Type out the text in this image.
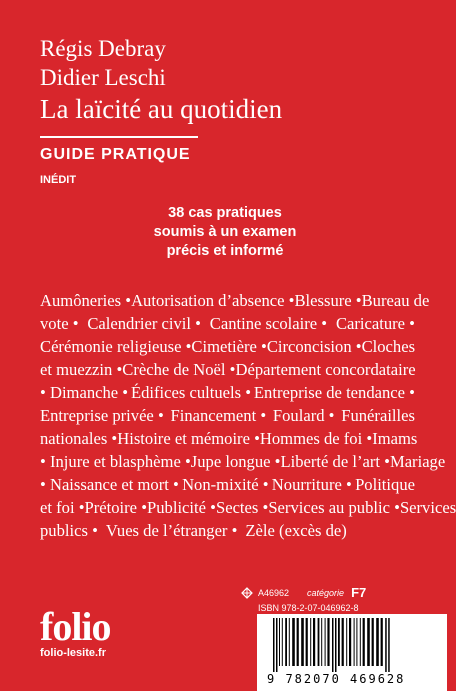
Régis Debray
Didier Leschi
La laïcité au quotidien
GUIDE PRATIQUE
INÉDIT
38 cas pratiques
soumis à un examen
précis et informé
Aumôneries • Autorisation d’absence • Blessure • Bureau de
vote • Calendrier civil • Cantine scolaire • Caricature •
Cérémonie religieuse • Cimetière • Circoncision • Cloches
et muezzin • Crèche de Noël • Département concordataire
• Dimanche • Édifices cultuels • Entreprise de tendance •
Entreprise privée • Financement • Foulard • Funérailles
nationales • Histoire et mémoire • Hommes de foi • Imams
• Injure et blasphème • Jupe longue • Liberté de l’art • Mariage
• Naissance et mort • Non-mixité • Nourriture • Politique
et foi • Prétoire • Publicité • Sectes • Services au public • Services
publics • Vues de l’étranger • Zèle (excès de)
folio
folio-lesite.fr
A46962 catégorie F7
ISBN 978-2-07-046962-8
9 782070 469628
